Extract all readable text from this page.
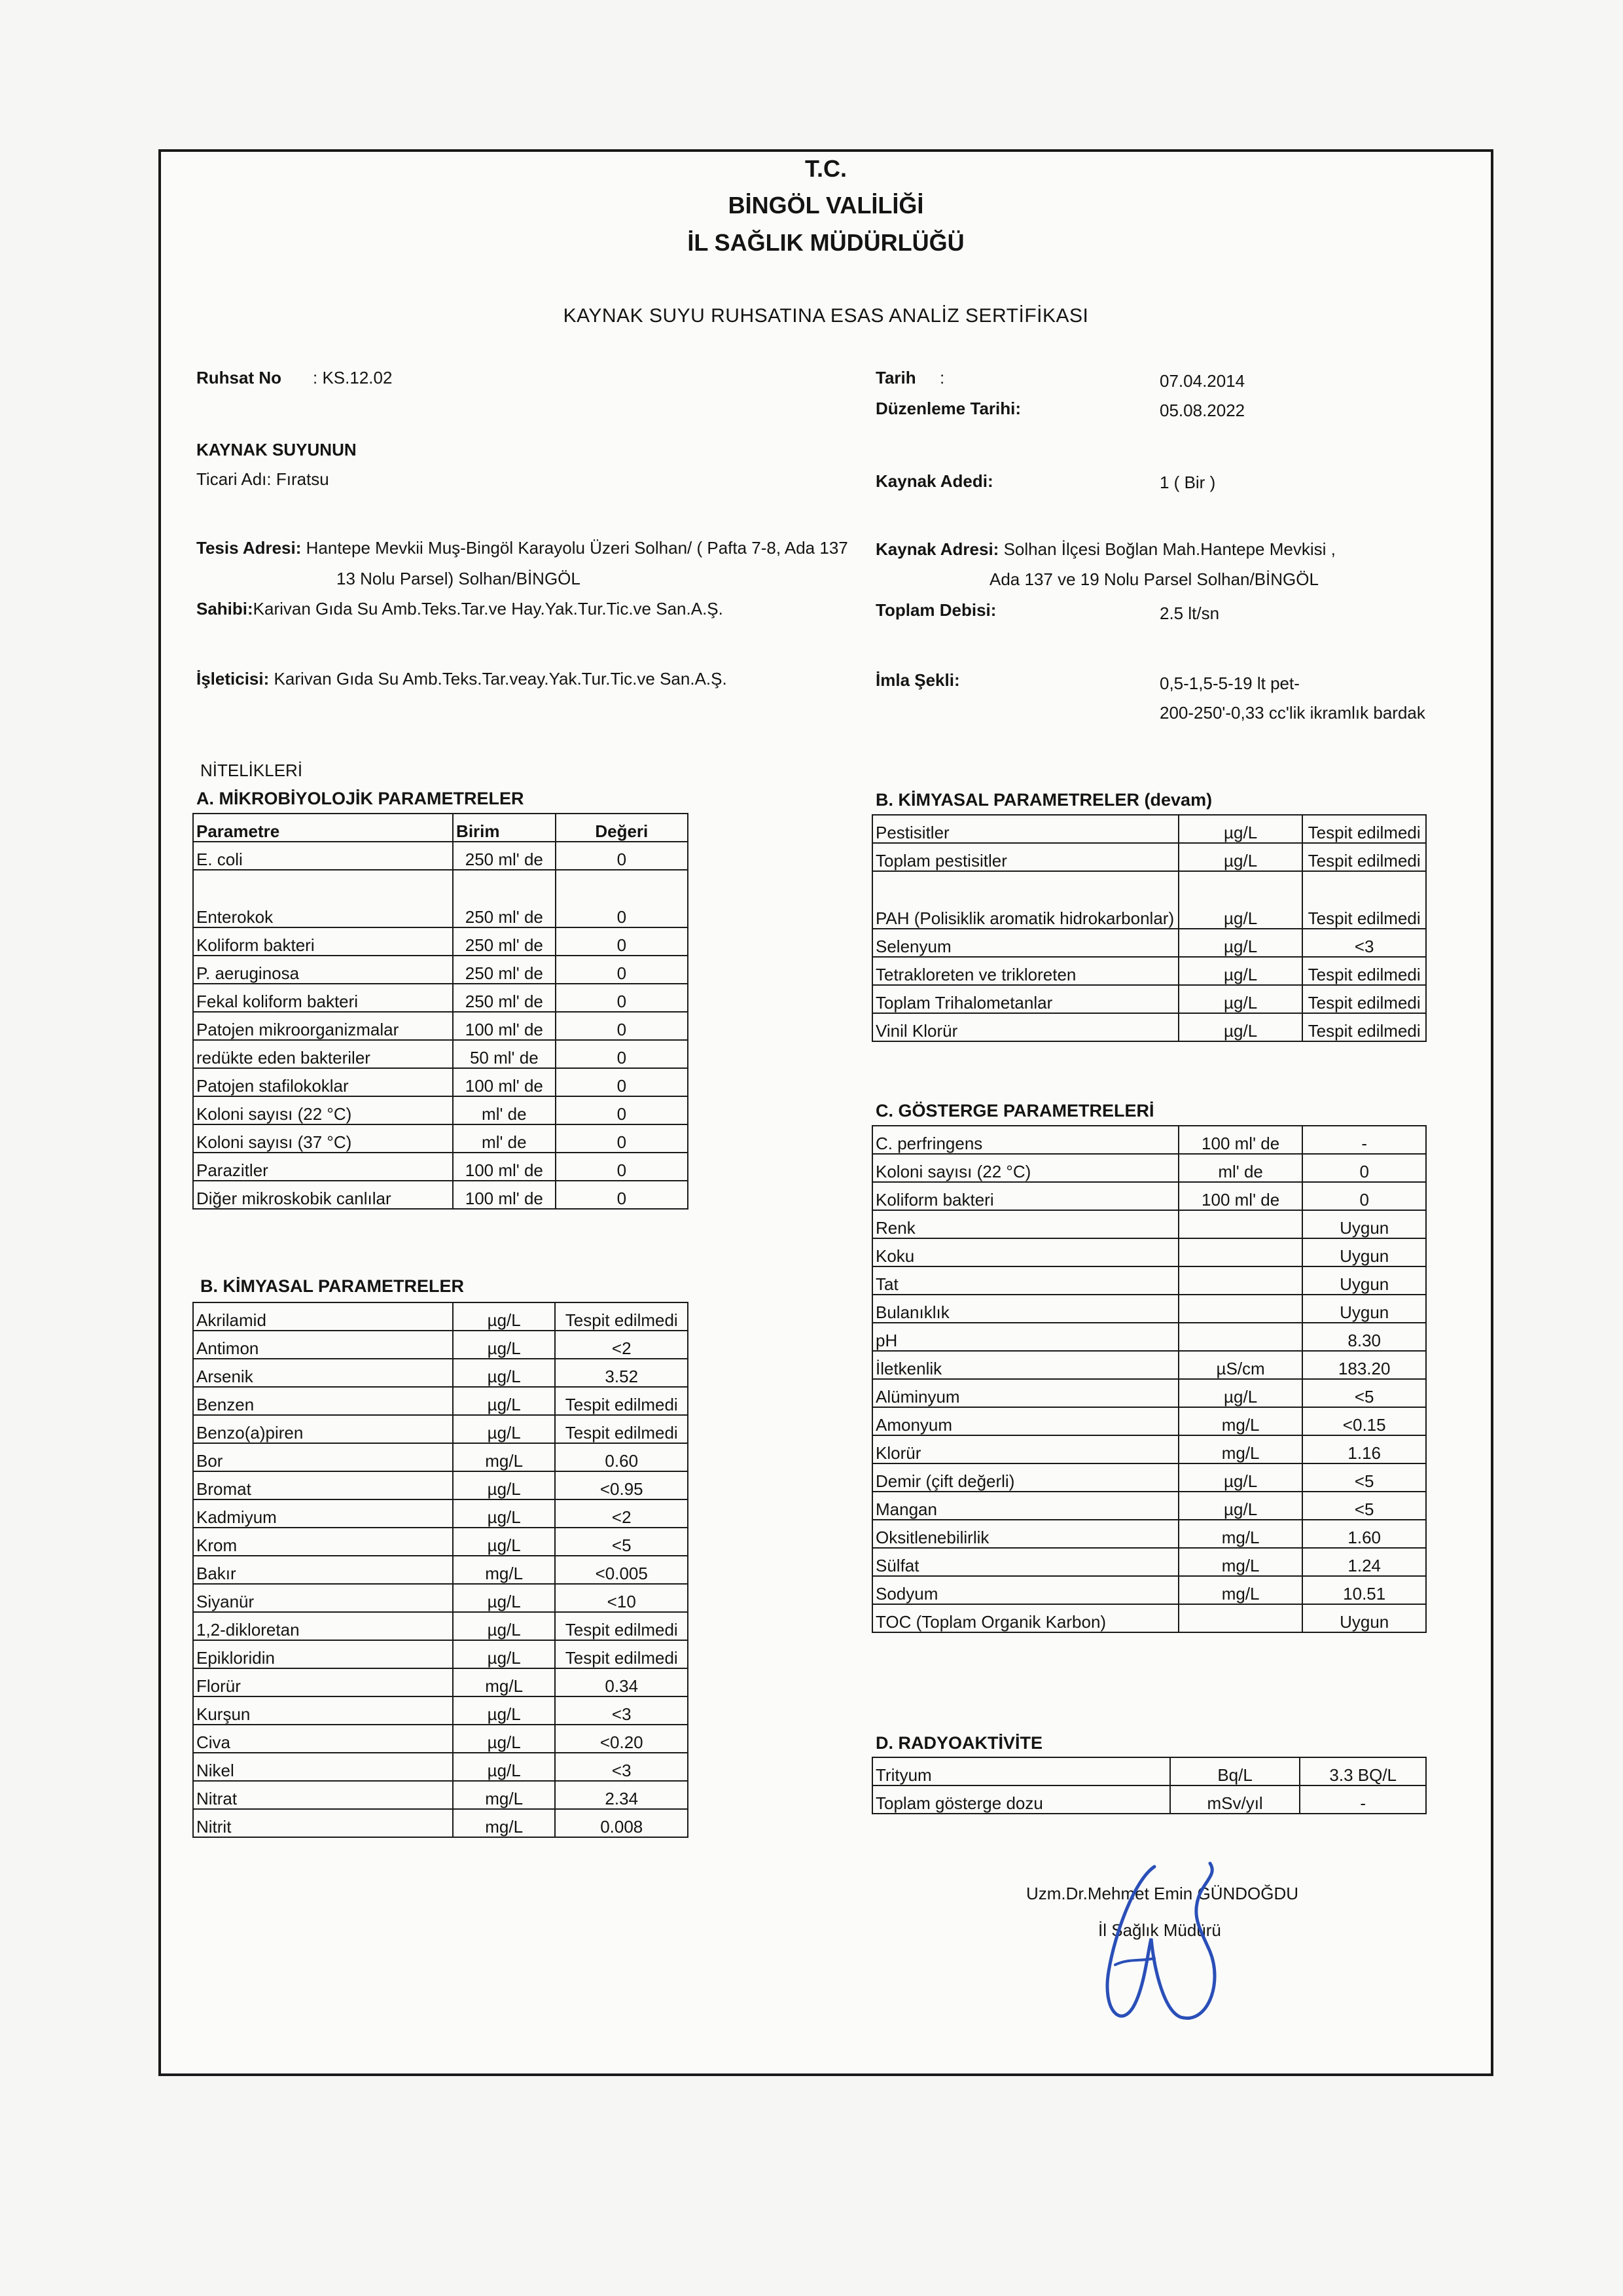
T.C.
BİNGÖL VALİLİĞİ
İL SAĞLIK MÜDÜRLÜĞÜ
KAYNAK SUYU RUHSATINA ESAS ANALİZ SERTİFİKASI
Ruhsat No : KS.12.02
KAYNAK SUYUNUN
Ticari Adı: Fıratsu
Tesis Adresi: Hantepe Mevkii Muş-Bingöl Karayolu Üzeri Solhan/ ( Pafta 7-8, Ada 137
13 Nolu Parsel) Solhan/BİNGÖL
Sahibi:Karivan Gıda Su Amb.Teks.Tar.ve Hay.Yak.Tur.Tic.ve San.A.Ş.
İşleticisi: Karivan Gıda Su Amb.Teks.Tar.veay.Yak.Tur.Tic.ve San.A.Ş.
Tarih :	07.04.2014
Düzenleme Tarihi:	05.08.2022
Kaynak Adedi:	1 ( Bir )
Kaynak Adresi: Solhan İlçesi Boğlan Mah.Hantepe Mevkisi ,
Ada 137 ve 19 Nolu Parsel Solhan/BİNGÖL
Toplam Debisi:	2.5 lt/sn
İmla Şekli:	0,5-1,5-5-19 lt pet-
200-250'-0,33 cc'lik ikramlık bardak
NİTELİKLERİ
A. MİKROBİYOLOJİK PARAMETRELER
B. KİMYASAL PARAMETRELER
B. KİMYASAL PARAMETRELER (devam)
C. GÖSTERGE PARAMETRELERİ
D. RADYOAKTİVİTE
Parametre	Birim	Değeri
E. coli	250 ml' de	0
Enterokok	250 ml' de	0
Koliform bakteri	250 ml' de	0
P. aeruginosa	250 ml' de	0
Fekal koliform bakteri	250 ml' de	0
Patojen mikroorganizmalar	100 ml' de	0
redükte eden bakteriler	50 ml' de	0
Patojen stafilokoklar	100 ml' de	0
Koloni sayısı (22 °C)	ml' de	0
Koloni sayısı (37 °C)	ml' de	0
Parazitler	100 ml' de	0
Diğer mikroskobik canlılar	100 ml' de	0
Akrilamid	µg/L	Tespit edilmedi
Antimon	µg/L	<2
Arsenik	µg/L	3.52
Benzen	µg/L	Tespit edilmedi
Benzo(a)piren	µg/L	Tespit edilmedi
Bor	mg/L	0.60
Bromat	µg/L	<0.95
Kadmiyum	µg/L	<2
Krom	µg/L	<5
Bakır	mg/L	<0.005
Siyanür	µg/L	<10
1,2-dikloretan	µg/L	Tespit edilmedi
Epikloridin	µg/L	Tespit edilmedi
Florür	mg/L	0.34
Kurşun	µg/L	<3
Civa	µg/L	<0.20
Nikel	µg/L	<3
Nitrat	mg/L	2.34
Nitrit	mg/L	0.008
Pestisitler	µg/L	Tespit edilmedi
Toplam pestisitler	µg/L	Tespit edilmedi
PAH (Polisiklik aromatik hidrokarbonlar)	µg/L	Tespit edilmedi
Selenyum	µg/L	<3
Tetrakloreten ve trikloreten	µg/L	Tespit edilmedi
Toplam Trihalometanlar	µg/L	Tespit edilmedi
Vinil Klorür	µg/L	Tespit edilmedi
C. perfringens	100 ml' de	-
Koloni sayısı (22 °C)	ml' de	0
Koliform bakteri	100 ml' de	0
Renk		Uygun
Koku		Uygun
Tat		Uygun
Bulanıklık		Uygun
pH		8.30
İletkenlik	µS/cm	183.20
Alüminyum	µg/L	<5
Amonyum	mg/L	<0.15
Klorür	mg/L	1.16
Demir (çift değerli)	µg/L	<5
Mangan	µg/L	<5
Oksitlenebilirlik	mg/L	1.60
Sülfat	mg/L	1.24
Sodyum	mg/L	10.51
TOC (Toplam Organik Karbon)		Uygun
Trityum	Bq/L	3.3 BQ/L
Toplam gösterge dozu	mSv/yıl	-
Uzm.Dr.Mehmet Emin GÜNDOĞDU
İl Sağlık Müdürü
